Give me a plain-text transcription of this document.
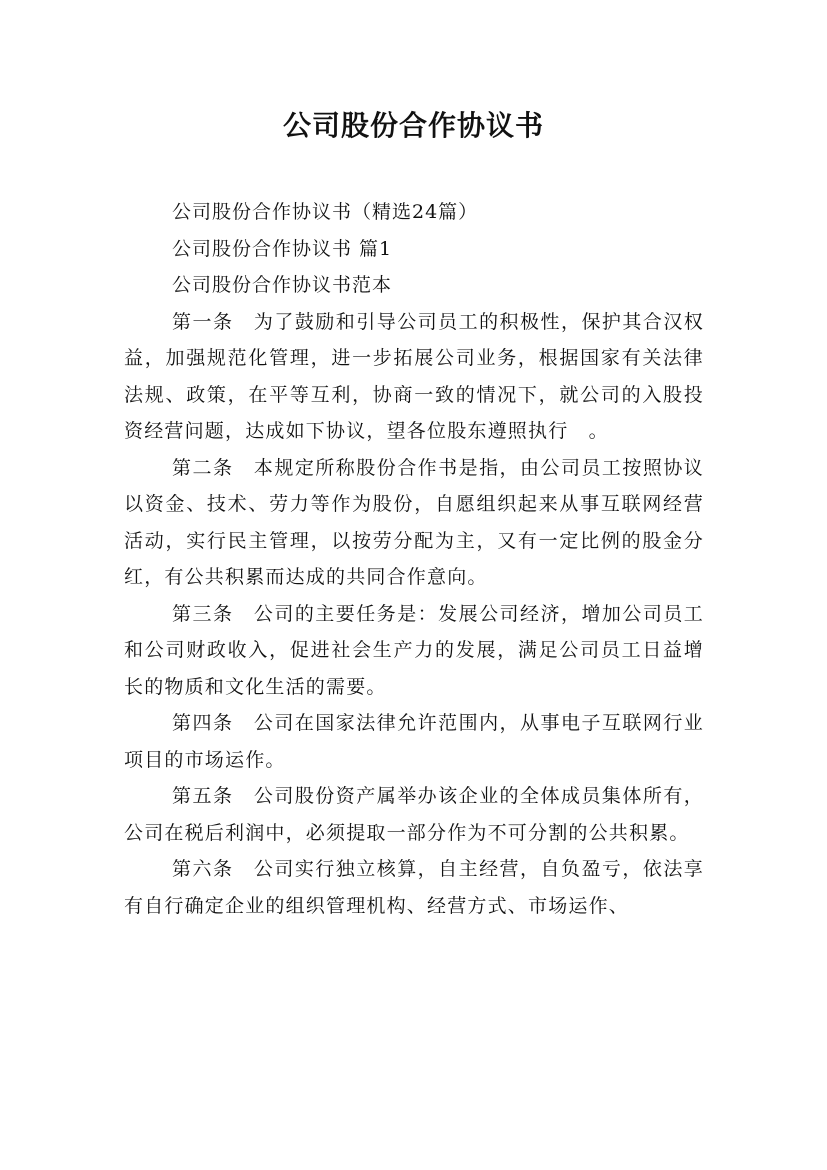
公司股份合作协议书

公司股份合作协议书（精选24篇）

公司股份合作协议书 篇1

公司股份合作协议书范本

第一条　为了鼓励和引导公司员工的积极性，保护其合汉权益，加强规范化管理，进一步拓展公司业务，根据国家有关法律法规、政策，在平等互利，协商一致的情况下，就公司的入股投资经营问题，达成如下协议，望各位股东遵照执行　。

第二条　本规定所称股份合作书是指，由公司员工按照协议以资金、技术、劳力等作为股份，自愿组织起来从事互联网经营活动，实行民主管理，以按劳分配为主，又有一定比例的股金分红，有公共积累而达成的共同合作意向。

第三条　公司的主要任务是：发展公司经济，增加公司员工和公司财政收入，促进社会生产力的发展，满足公司员工日益增长的物质和文化生活的需要。

第四条　公司在国家法律允许范围内，从事电子互联网行业项目的市场运作。

第五条　公司股份资产属举办该企业的全体成员集体所有，公司在税后利润中，必须提取一部分作为不可分割的公共积累。

第六条　公司实行独立核算，自主经营，自负盈亏，依法享有自行确定企业的组织管理机构、经营方式、市场运作、
